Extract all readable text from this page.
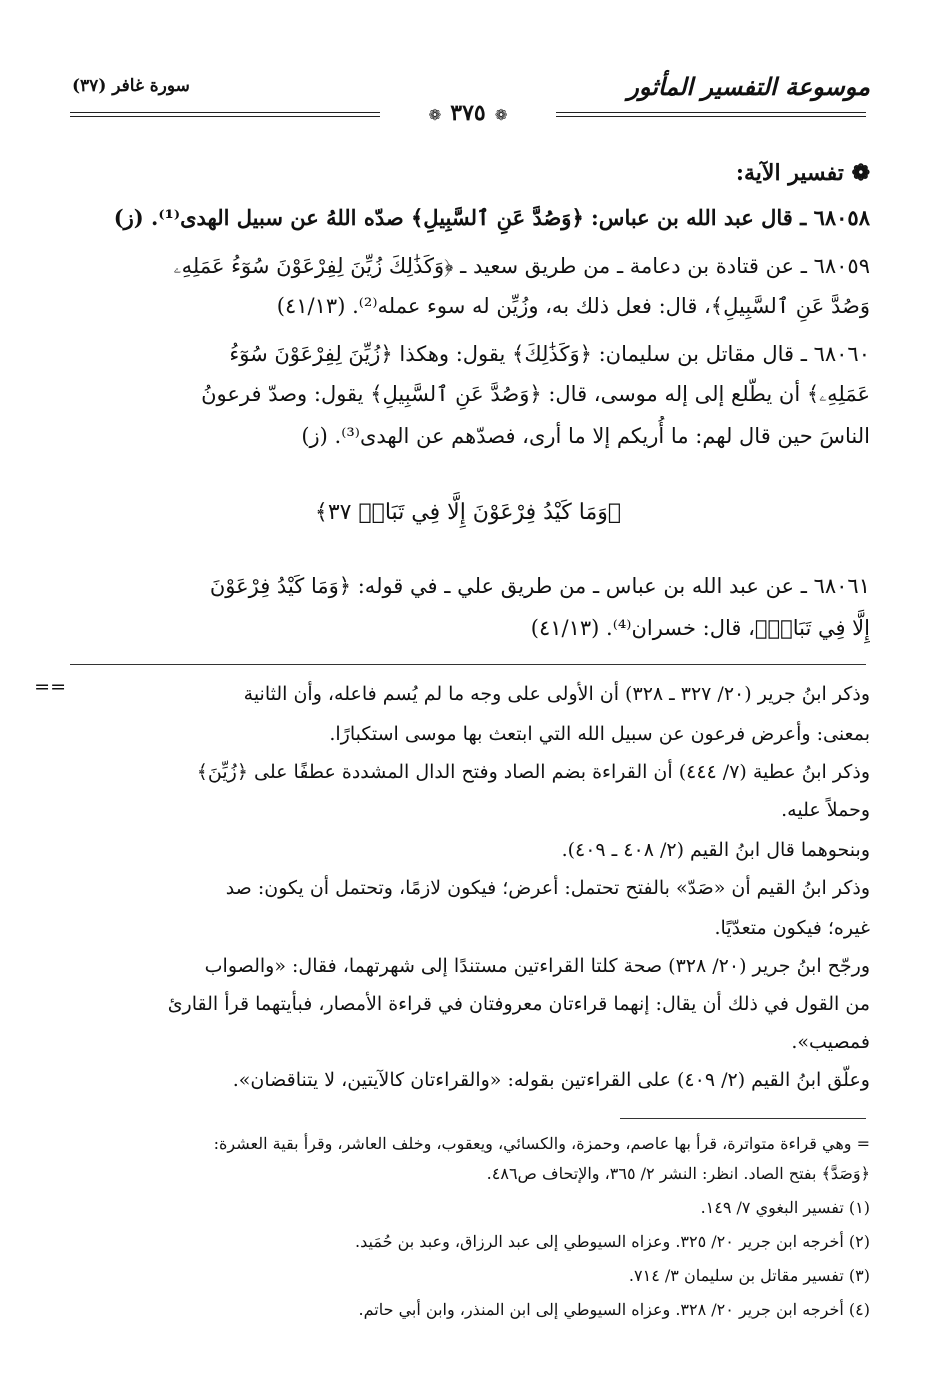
موسوعة التفسير المأثور
سورة غافر (٣٧)
❁ ٣٧٥ ❁
❁ تفسير الآية:
٦٨٠٥٨ ـ قال عبد الله بن عباس: ﴿وَصُدَّ عَنِ ٱلسَّبِيلِ﴾ صدّه اللهُ عن سبيل الهدى⁽¹⁾. (ز)
٦٨٠٥٩ ـ عن قتادة بن دعامة ـ من طريق سعيد ـ ﴿وَكَذَٰلِكَ زُيِّنَ لِفِرْعَوْنَ سُوٓءُ عَمَلِهِۦ
وَصُدَّ عَنِ ٱلسَّبِيلِ﴾، قال: فعل ذلك به، وزُيِّن له سوء عمله⁽²⁾. (٤١/١٣)
٦٨٠٦٠ ـ قال مقاتل بن سليمان: ﴿وَكَذَٰلِكَ﴾ يقول: وهكذا ﴿زُيِّنَ لِفِرْعَوْنَ سُوٓءُ
عَمَلِهِۦ﴾ أن يطّلع إلى إله موسى، قال: ﴿وَصُدَّ عَنِ ٱلسَّبِيلِ﴾ يقول: وصدّ فرعونُ
الناسَ حين قال لهم: ما أُريكم إلا ما أرى، فصدّهم عن الهدى⁽³⁾. (ز)
﴿وَمَا كَيْدُ فِرْعَوْنَ إِلَّا فِي تَبَابٖ ٣٧﴾
٦٨٠٦١ ـ عن عبد الله بن عباس ـ من طريق علي ـ في قوله: ﴿وَمَا كَيْدُ فِرْعَوْنَ
إِلَّا فِي تَبَابٖ﴾، قال: خسران⁽⁴⁾. (٤١/١٣)
==	وذكر ابنُ جرير (٢٠/ ٣٢٧ ـ ٣٢٨) أن الأولى على وجه ما لم يُسم فاعله، وأن الثانية
بمعنى: وأعرض فرعون عن سبيل الله التي ابتعث بها موسى استكبارًا.
وذكر ابنُ عطية (٧/ ٤٤٤) أن القراءة بضم الصاد وفتح الدال المشددة عطفًا على ﴿زُيِّنَ﴾
وحملاً عليه.
وبنحوهما قال ابنُ القيم (٢/ ٤٠٨ ـ ٤٠٩).
وذكر ابنُ القيم أن «صَدّ» بالفتح تحتمل: أعرض؛ فيكون لازمًا، وتحتمل أن يكون: صد
غيره؛ فيكون متعدّيًا.
ورجّح ابنُ جرير (٢٠/ ٣٢٨) صحة كلتا القراءتين مستندًا إلى شهرتهما، فقال: «والصواب
من القول في ذلك أن يقال: إنهما قراءتان معروفتان في قراءة الأمصار، فبأيتهما قرأ القارئ
فمصيب».
وعلّق ابنُ القيم (٢/ ٤٠٩) على القراءتين بقوله: «والقراءتان كالآيتين، لا يتناقضان».
= وهي قراءة متواترة، قرأ بها عاصم، وحمزة، والكسائي، ويعقوب، وخلف العاشر، وقرأ بقية العشرة:
﴿وَصَدَّ﴾ بفتح الصاد. انظر: النشر ٢/ ٣٦٥، والإتحاف ص٤٨٦.
(١) تفسير البغوي ٧/ ١٤٩.
(٢) أخرجه ابن جرير ٢٠/ ٣٢٥. وعزاه السيوطي إلى عبد الرزاق، وعبد بن حُمَيد.
(٣) تفسير مقاتل بن سليمان ٣/ ٧١٤.
(٤) أخرجه ابن جرير ٢٠/ ٣٢٨. وعزاه السيوطي إلى ابن المنذر، وابن أبي حاتم.
